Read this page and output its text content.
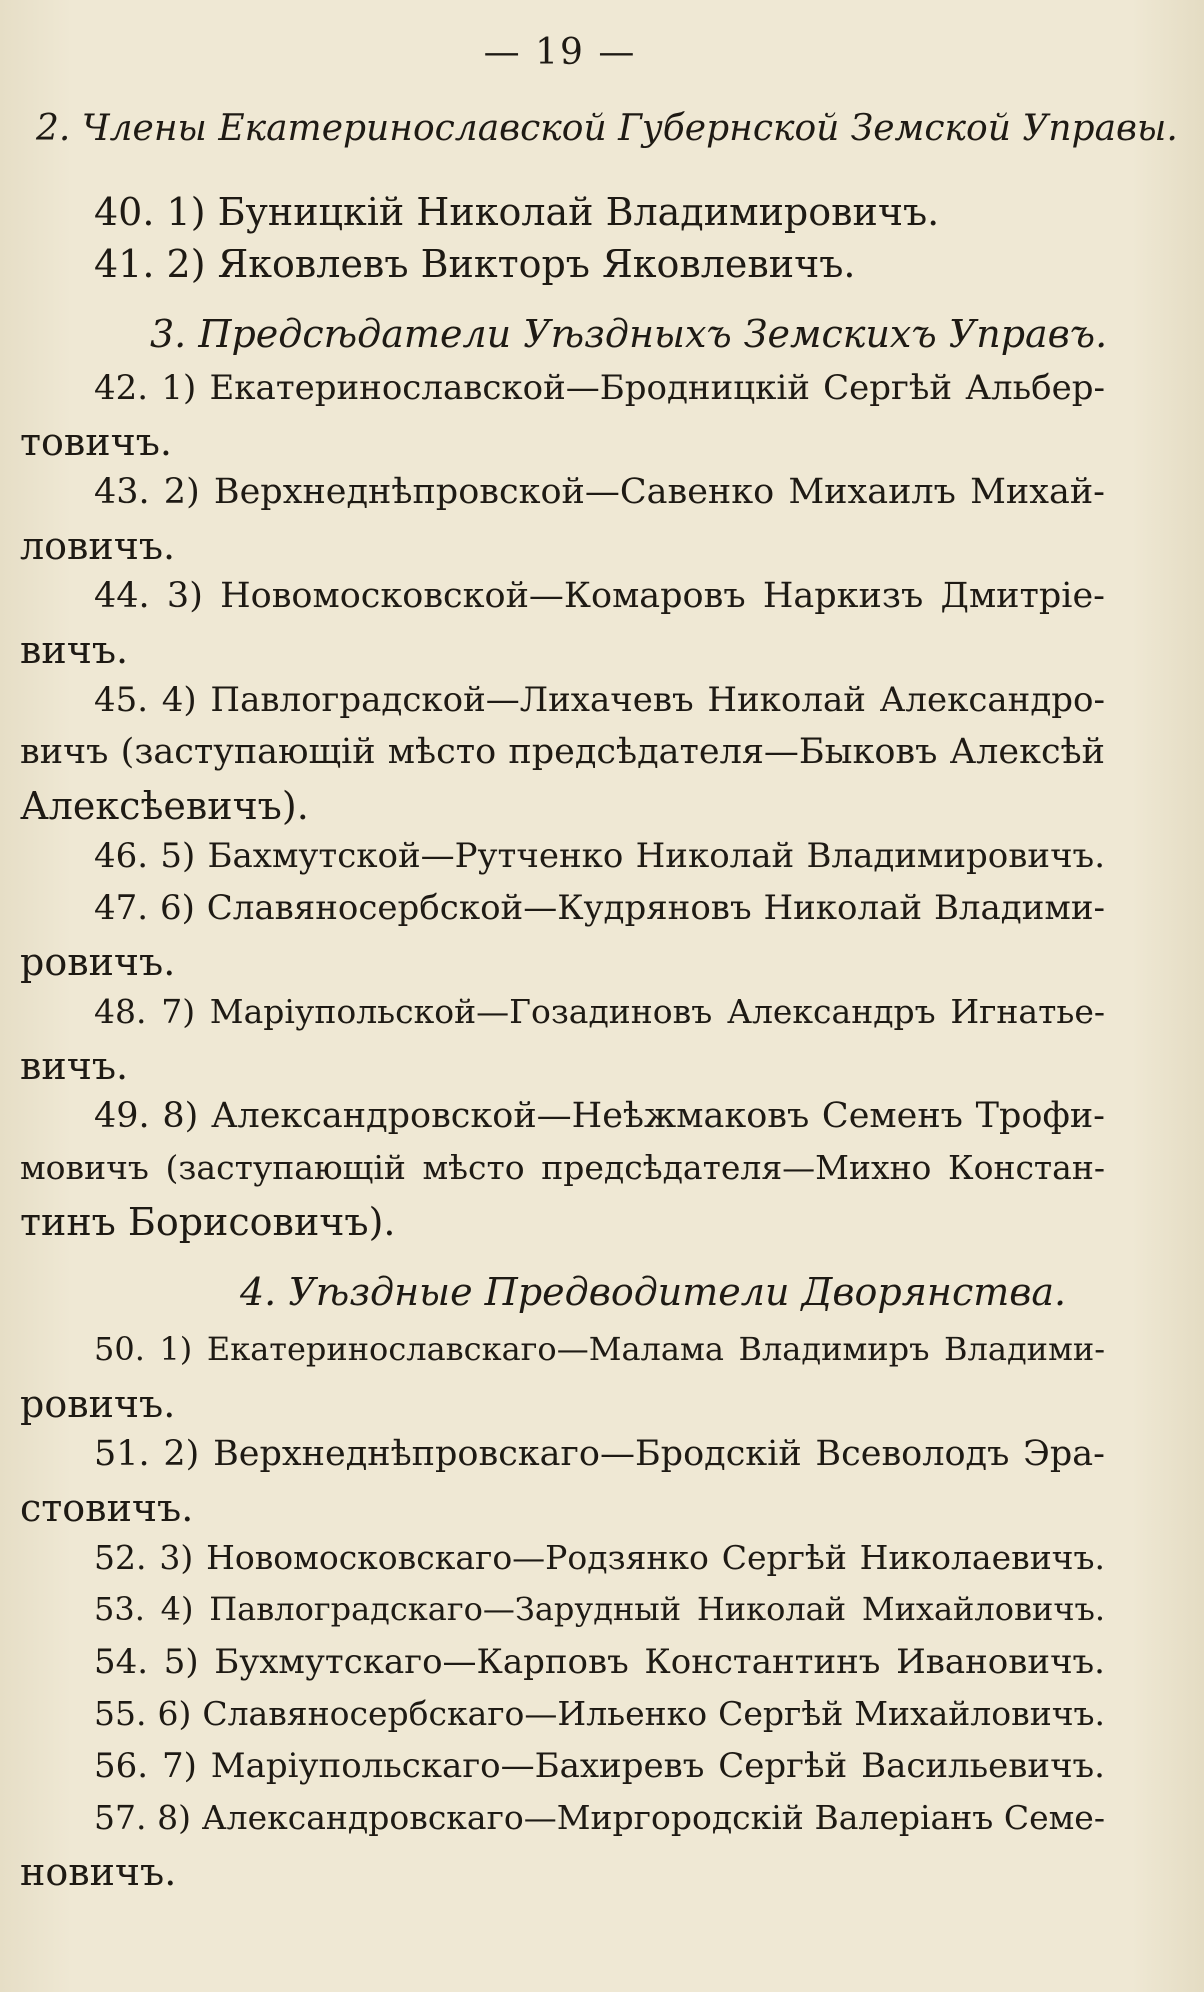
— 19 —
2. Члены Екатеринославской Губернской Земской Управы.
40. 1) Буницкій Николай Владимировичъ.
41. 2) Яковлевъ Викторъ Яковлевичъ.
3. Предсѣдатели Уѣздныхъ Земскихъ Управъ.
42. 1) Екатеринославской—Бродницкій Сергѣй Альбер-
товичъ.
43. 2) Верхнеднѣпровской—Савенко Михаилъ Михай-
ловичъ.
44. 3) Новомосковской—Комаровъ Наркизъ Дмитріе-
вичъ.
45. 4) Павлоградской—Лихачевъ Николай Александро-
вичъ (заступающій мѣсто предсѣдателя—Быковъ Алексѣй
Алексѣевичъ).
46. 5) Бахмутской—Рутченко Николай Владимировичъ.
47. 6) Славяносербской—Кудряновъ Николай Владими-
ровичъ.
48. 7) Маріупольской—Гозадиновъ Александръ Игнатье-
вичъ.
49. 8) Александровской—Неѣжмаковъ Семенъ Трофи-
мовичъ (заступающій мѣсто предсѣдателя—Михно Констан-
тинъ Борисовичъ).
4. Уѣздные Предводители Дворянства.
50. 1) Екатеринославскаго—Малама Владимиръ Владими-
ровичъ.
51. 2) Верхнеднѣпровскаго—Бродскій Всеволодъ Эра-
стовичъ.
52. 3) Новомосковскаго—Родзянко Сергѣй Николаевичъ.
53. 4) Павлоградскаго—Зарудный Николай Михайловичъ.
54. 5) Бухмутскаго—Карповъ Константинъ Ивановичъ.
55. 6) Славяносербскаго—Ильенко Сергѣй Михайловичъ.
56. 7) Маріупольскаго—Бахиревъ Сергѣй Васильевичъ.
57. 8) Александровскаго—Миргородскій Валеріанъ Семе-
новичъ.
